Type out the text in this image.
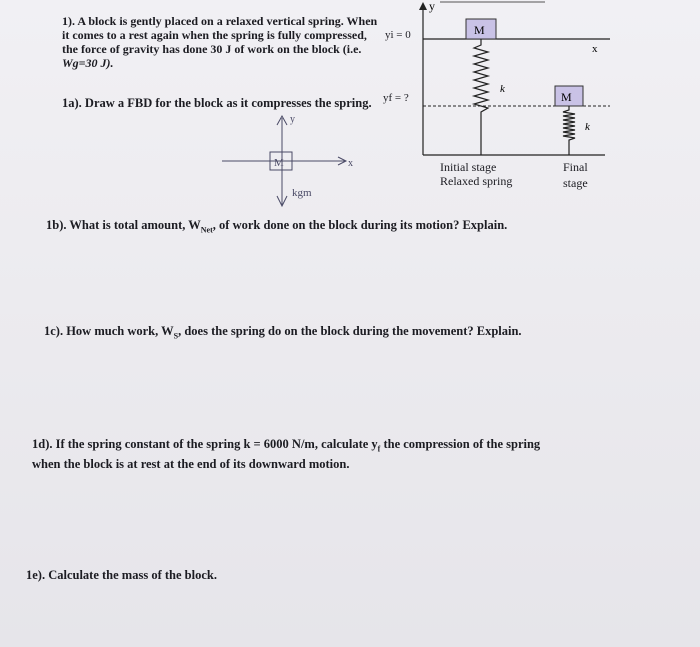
1). A block is gently placed on a relaxed vertical spring. When
it comes to a rest again when the spring is fully compressed,
the force of gravity has done 30 J of work on the block (i.e.
Wg=30 J).
1a). Draw a FBD for the block as it compresses the spring.
1b). What is total amount, $W_{Net}$, of work done on the block during its motion? Explain.
1c). How much work, $W_S$, does the spring do on the block during the movement? Explain.
1d). If the spring constant of the spring k = 6000 N/m, calculate $y_f$ the compression of the spring
when the block is at rest at the end of its downward motion.
1e). Calculate the mass of the block.
y
x
M
k
M
k
M	x
y
kgm
yi = 0
yf = ?
Initial stage
Relaxed spring
Final
stage
